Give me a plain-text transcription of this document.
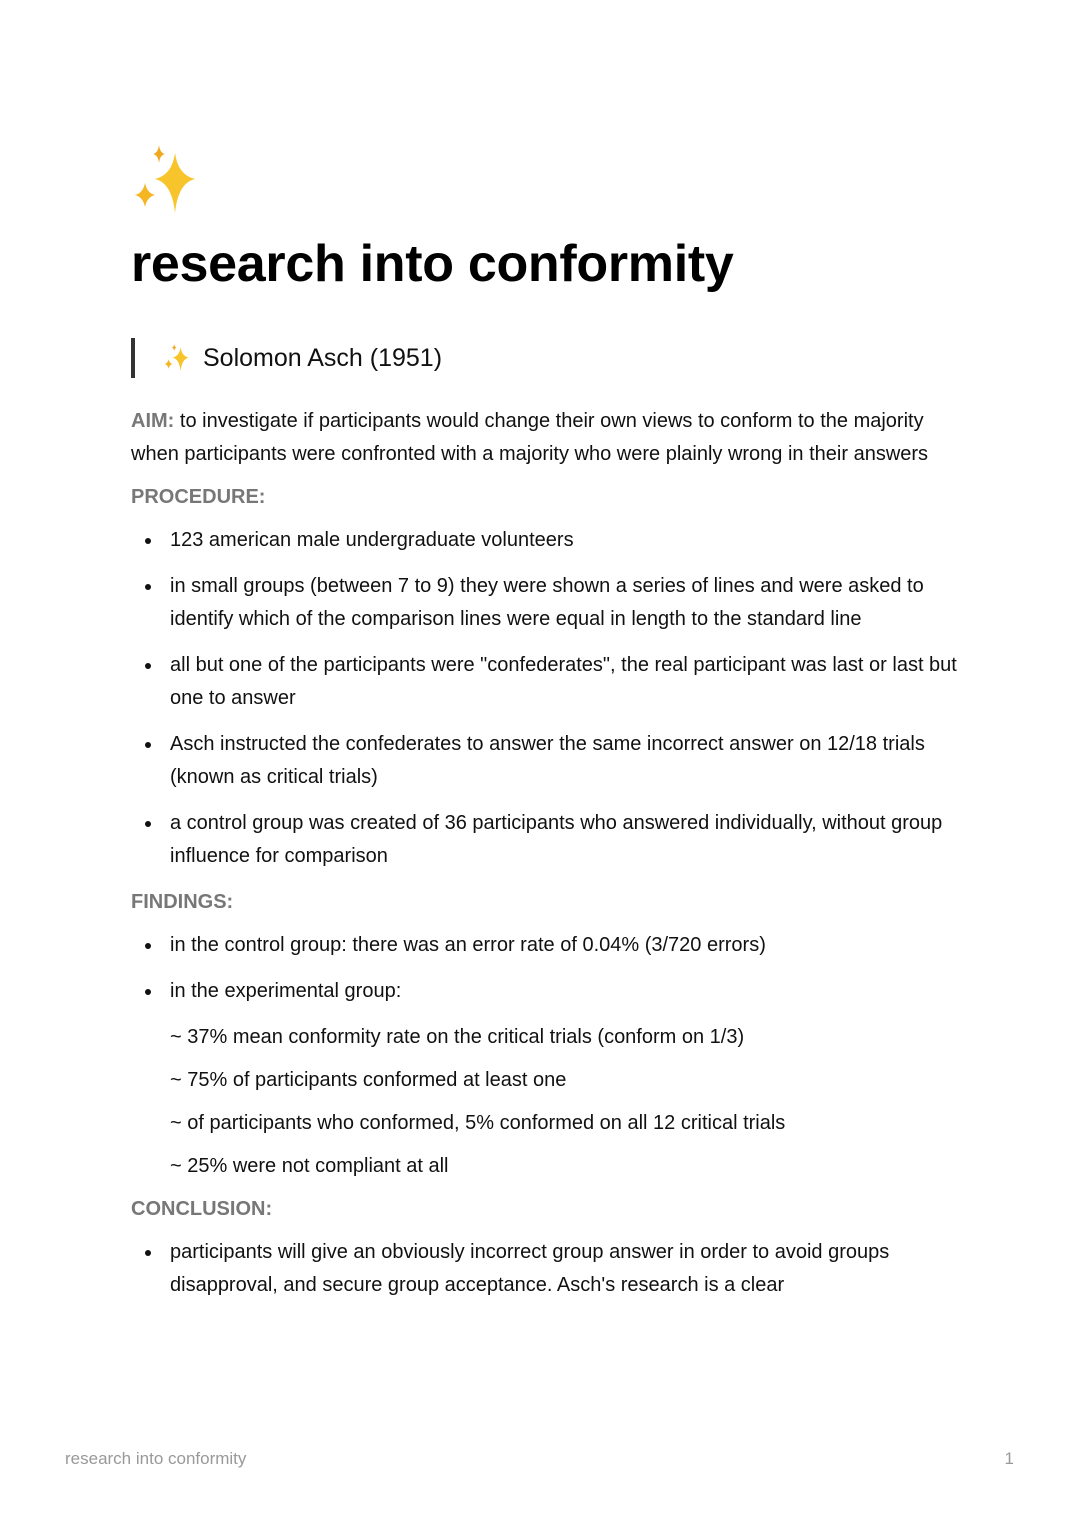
research into conformity
Solomon Asch (1951)

AIM: to investigate if participants would change their own views to conform to the majority when participants were confronted with a majority who were plainly wrong in their answers

PROCEDURE:

123 american male undergraduate volunteers
in small groups (between 7 to 9) they were shown a series of lines and were asked to identify which of the comparison lines were equal in length to the standard line
all but one of the participants were "confederates", the real participant was last or last but one to answer
Asch instructed the confederates to answer the same incorrect answer on 12/18 trials (known as critical trials)
a control group was created of 36 participants who answered individually, without group influence for comparison

FINDINGS:

in the control group: there was an error rate of 0.04% (3/720 errors)
in the experimental group:

~ 37% mean conformity rate on the critical trials (conform on 1/3)

~ 75% of participants conformed at least one

~ of participants who conformed, 5% conformed on all 12 critical trials

~ 25% were not compliant at all

CONCLUSION:

participants will give an obviously incorrect group answer in order to avoid groups disapproval, and secure group acceptance. Asch's research is a clear
research into conformity	1
